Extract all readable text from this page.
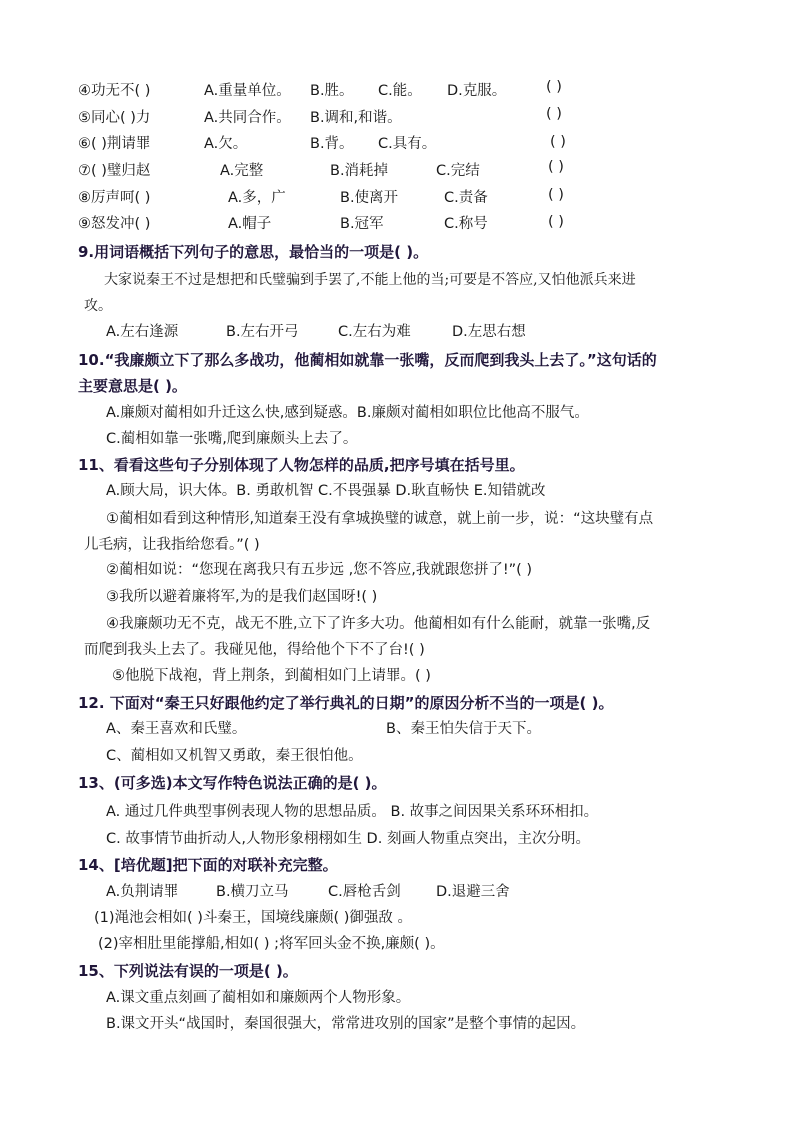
④功无不( )	A.重量单位。 B.胜。 C.能。 D.克服。	( )
⑤同心( )力	A.共同合作。 B.调和,和谐。	( )
⑥( )荆请罪	A.欠。	B.背。 C.具有。	( )
⑦( )璧归赵	A.完整	B.消耗掉	C.完结	( )
⑧厉声呵( )	A.多，广	B.使离开	C.责备	( )
⑨怒发冲( )	A.帽子	B.冠军	C.称号	( )
9.用词语概括下列句子的意思，最恰当的一项是( )。
大家说秦王不过是想把和氏璧骗到手罢了,不能上他的当;可要是不答应,又怕他派兵来进
攻。
A.左右逢源	B.左右开弓	C.左右为难	D.左思右想
10.“我廉颇立下了那么多战功，他蔺相如就靠一张嘴，反而爬到我头上去了。”这句话的
主要意思是( )。
A.廉颇对蔺相如升迁这么快,感到疑惑。B.廉颇对蔺相如职位比他高不服气。
C.蔺相如靠一张嘴,爬到廉颇头上去了。
11、看看这些句子分别体现了人物怎样的品质,把序号填在括号里。
A.顾大局，识大体。B. 勇敢机智 C.不畏强暴 D.耿直畅快 E.知错就改
①蔺相如看到这种情形,知道秦王没有拿城换璧的诚意，就上前一步，说：“这块璧有点
儿毛病，让我指给您看。”( )
②蔺相如说：“您现在离我只有五步远 ,您不答应,我就跟您拼了!”( )
③我所以避着廉将军,为的是我们赵国呀!( )
④我廉颇功无不克，战无不胜,立下了许多大功。他蔺相如有什么能耐，就靠一张嘴,反
而爬到我头上去了。我碰见他，得给他个下不了台!( )
⑤他脱下战袍，背上荆条，到蔺相如门上请罪。( )
12. 下面对“秦王只好跟他约定了举行典礼的日期”的原因分析不当的一项是( )。
A、秦王喜欢和氏璧。	B、秦王怕失信于天下。
C、蔺相如又机智又勇敢，秦王很怕他。
13、(可多选)本文写作特色说法正确的是( )。
A. 通过几件典型事例表现人物的思想品质。 B. 故事之间因果关系环环相扣。
C. 故事情节曲折动人,人物形象栩栩如生 D. 刻画人物重点突出，主次分明。
14、[培优题]把下面的对联补充完整。
A.负荆请罪	B.横刀立马	C.唇枪舌剑 D.退避三舍
(1)渑池会相如( )斗秦王，国境线廉颇( )御强敌 。
(2)宰相肚里能撑船,相如( ) ;将军回头金不换,廉颇( )。
15、下列说法有误的一项是( )。
A.课文重点刻画了蔺相如和廉颇两个人物形象。
B.课文开头“战国时，秦国很强大，常常进攻别的国家”是整个事情的起因。
